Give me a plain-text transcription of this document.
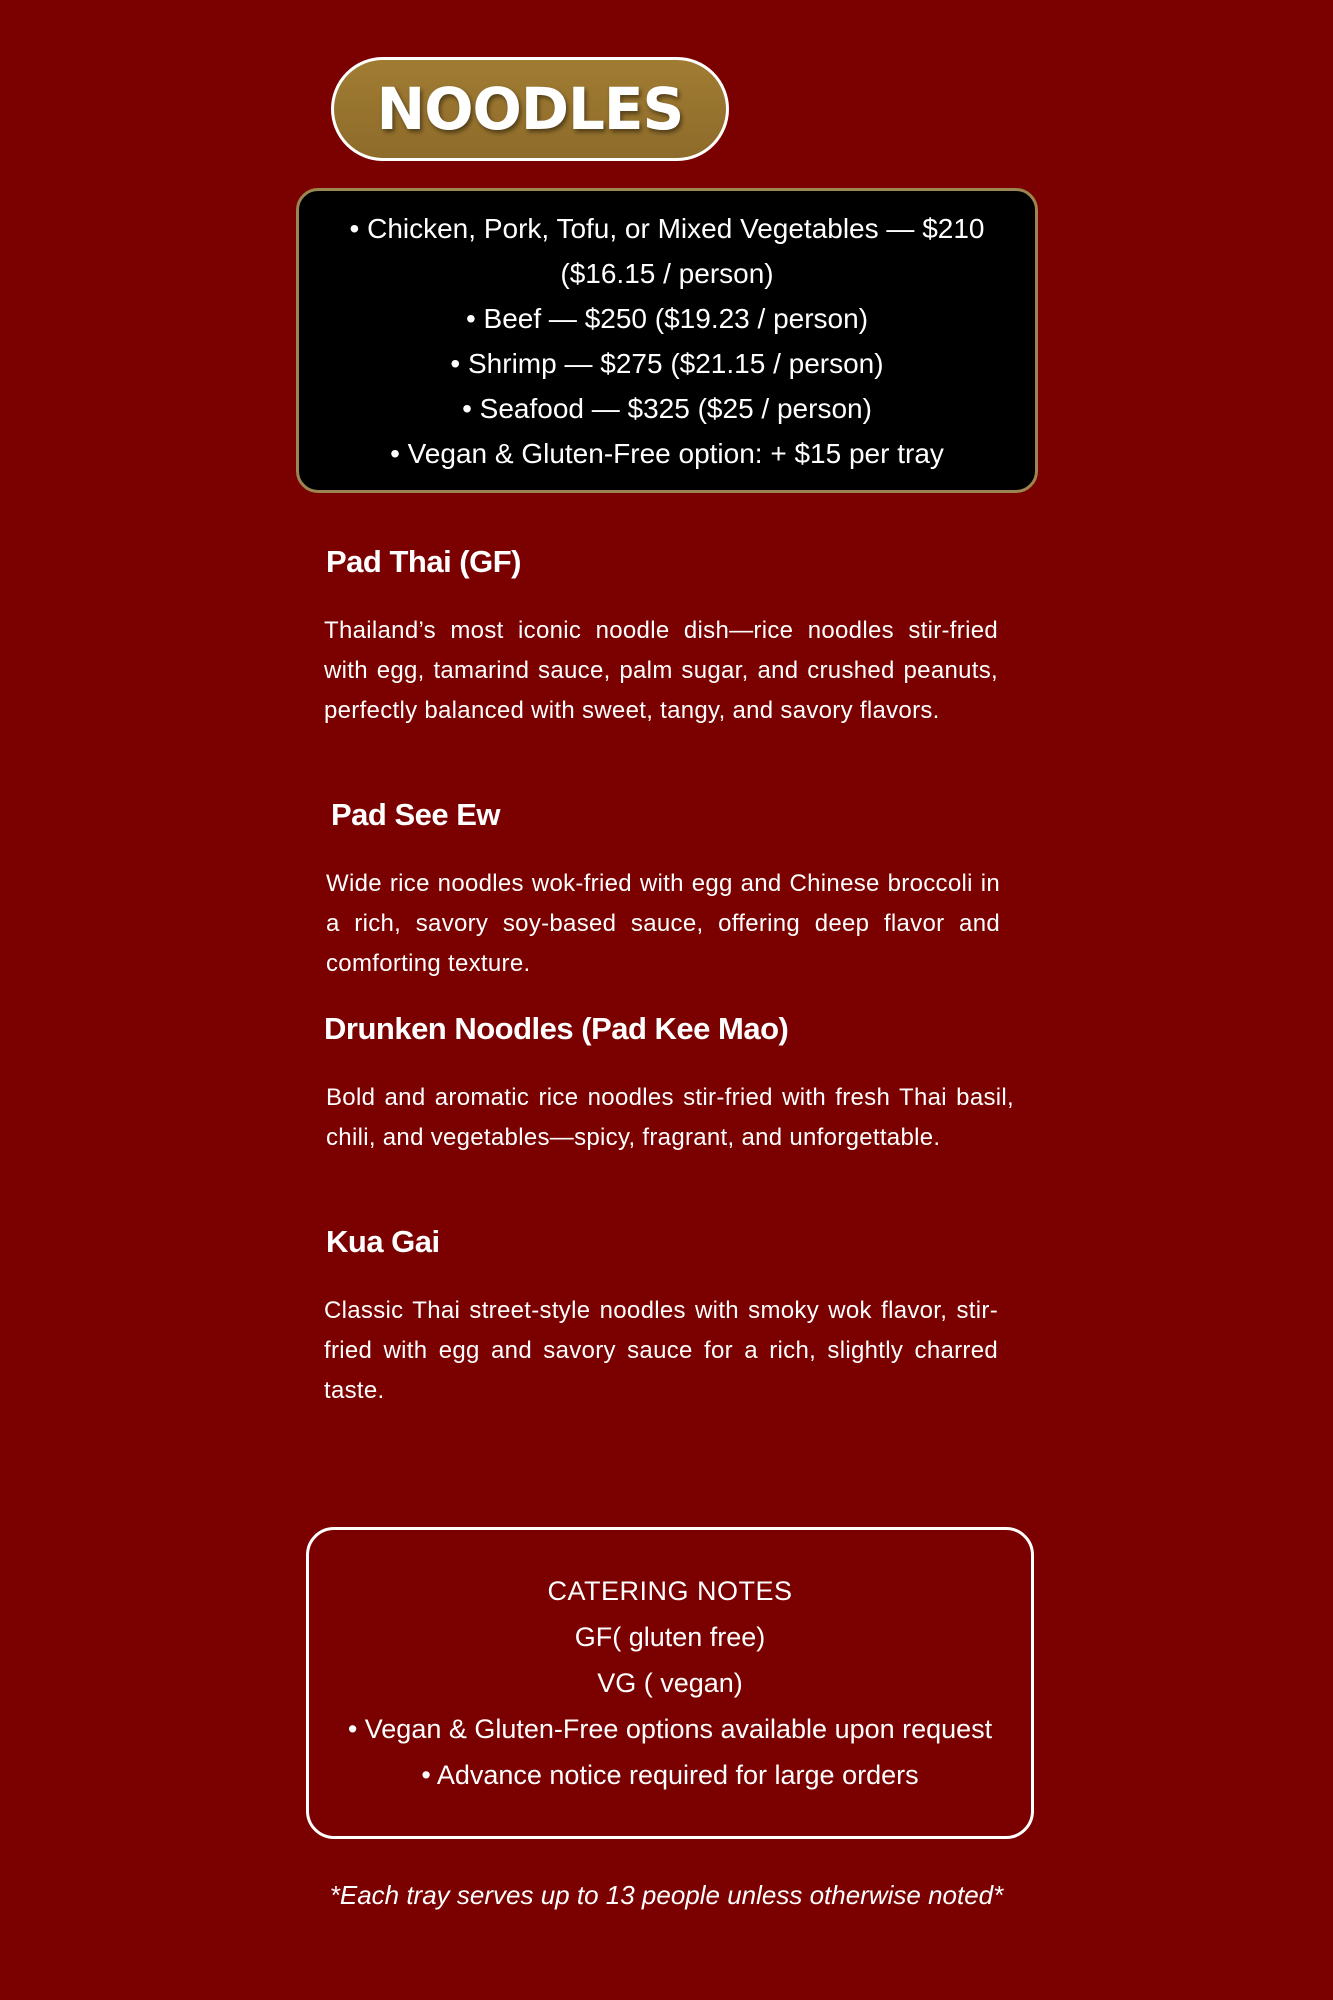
NOODLES
• Chicken, Pork, Tofu, or Mixed Vegetables — $210
($16.15 / person)
• Beef — $250 ($19.23 / person)
• Shrimp — $275 ($21.15 / person)
• Seafood — $325 ($25 / person)
• Vegan & Gluten-Free option: + $15 per tray
Pad Thai (GF)
Thailand’s most iconic noodle dish—rice noodles stir-fried with egg, tamarind sauce, palm sugar, and crushed peanuts, perfectly balanced with sweet, tangy, and savory flavors.
Pad See Ew
Wide rice noodles wok-fried with egg and Chinese broccoli in a rich, savory soy-based sauce, offering deep flavor and comforting texture.
Drunken Noodles (Pad Kee Mao)
Bold and aromatic rice noodles stir-fried with fresh Thai basil, chili, and vegetables—spicy, fragrant, and unforgettable.
Kua Gai
Classic Thai street-style noodles with smoky wok flavor, stir-fried with egg and savory sauce for a rich, slightly charred taste.
CATERING NOTES
GF( gluten free)
VG ( vegan)
• Vegan & Gluten-Free options available upon request
• Advance notice required for large orders
*Each tray serves up to 13 people unless otherwise noted*
